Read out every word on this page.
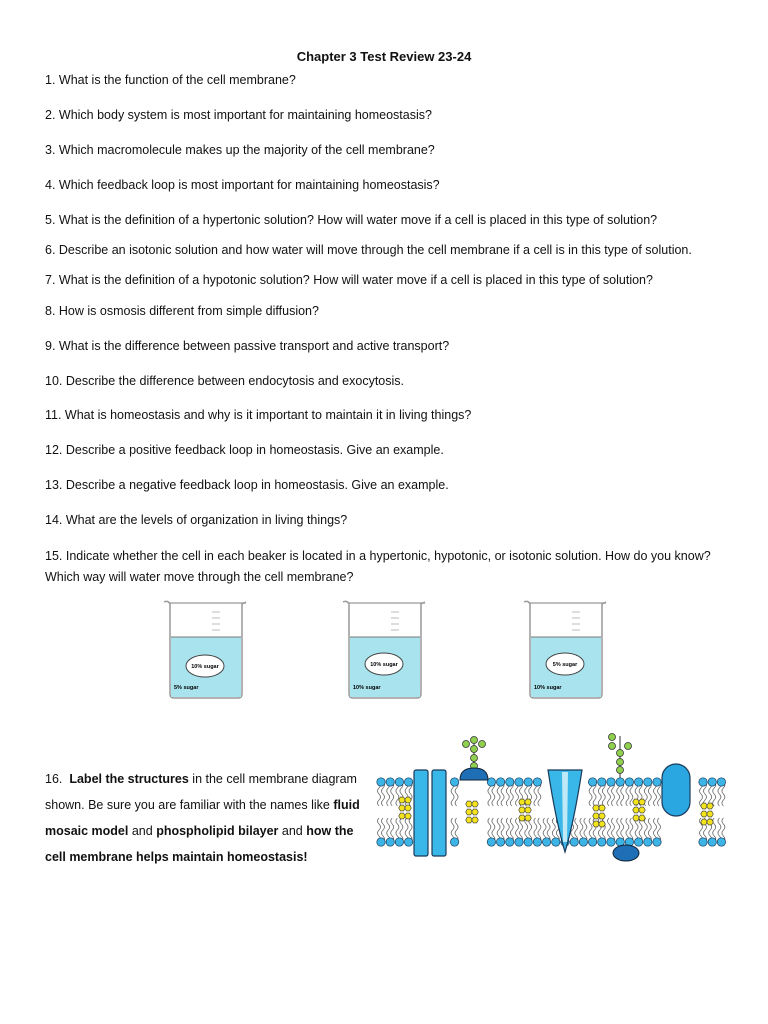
Chapter 3 Test Review 23-24
1. What is the function of the cell membrane?
2. Which body system is most important for maintaining homeostasis?
3. Which macromolecule makes up the majority of the cell membrane?
4. Which feedback loop is most important for maintaining homeostasis?
5. What is the definition of a hypertonic solution? How will water move if a cell is placed in this type of solution?
6. Describe an isotonic solution and how water will move through the cell membrane if a cell is in this type of solution.
7. What is the definition of a hypotonic solution? How will water move if a cell is placed in this type of solution?
8. How is osmosis different from simple diffusion?
9. What is the difference between passive transport and active transport?
10. Describe the difference between endocytosis and exocytosis.
11. What is homeostasis and why is it important to maintain it in living things?
12. Describe a positive feedback loop in homeostasis. Give an example.
13. Describe a negative feedback loop in homeostasis. Give an example.
14. What are the levels of organization in living things?
15. Indicate whether the cell in each beaker is located in a hypertonic, hypotonic, or isotonic solution. How do you know? Which way will water move through the cell membrane?
10% sugar
5% sugar
10% sugar
10% sugar
5% sugar
10% sugar
16. Label the structures in the cell membrane diagram shown. Be sure you are familiar with the names like fluid mosaic model and phospholipid bilayer and how the cell membrane helps maintain homeostasis!
